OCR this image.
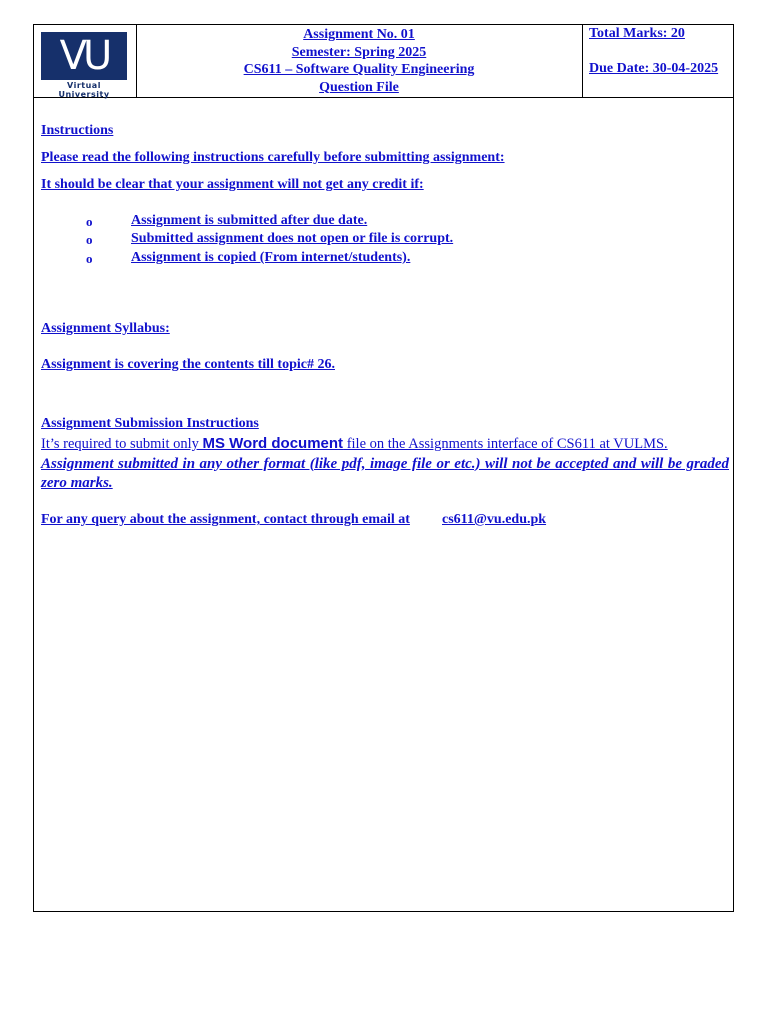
VU
Virtual University
Assignment No. 01
Semester: Spring 2025
CS611 – Software Quality Engineering
Question File
Total Marks: 20
Due Date: 30-04-2025
Instructions
Please read the following instructions carefully before submitting assignment:
It should be clear that your assignment will not get any credit if:
o	Assignment is submitted after due date.
o	Submitted assignment does not open or file is corrupt.
o	Assignment is copied (From internet/students).
Assignment Syllabus:
Assignment is covering the contents till topic# 26.
Assignment Submission Instructions
It’s required to submit only MS Word document file on the Assignments interface of CS611 at VULMS.
Assignment submitted in any other format (like pdf, image file or etc.) will not be accepted and will be graded zero marks.
For any query about the assignment, contact through email at cs611@vu.edu.pk
